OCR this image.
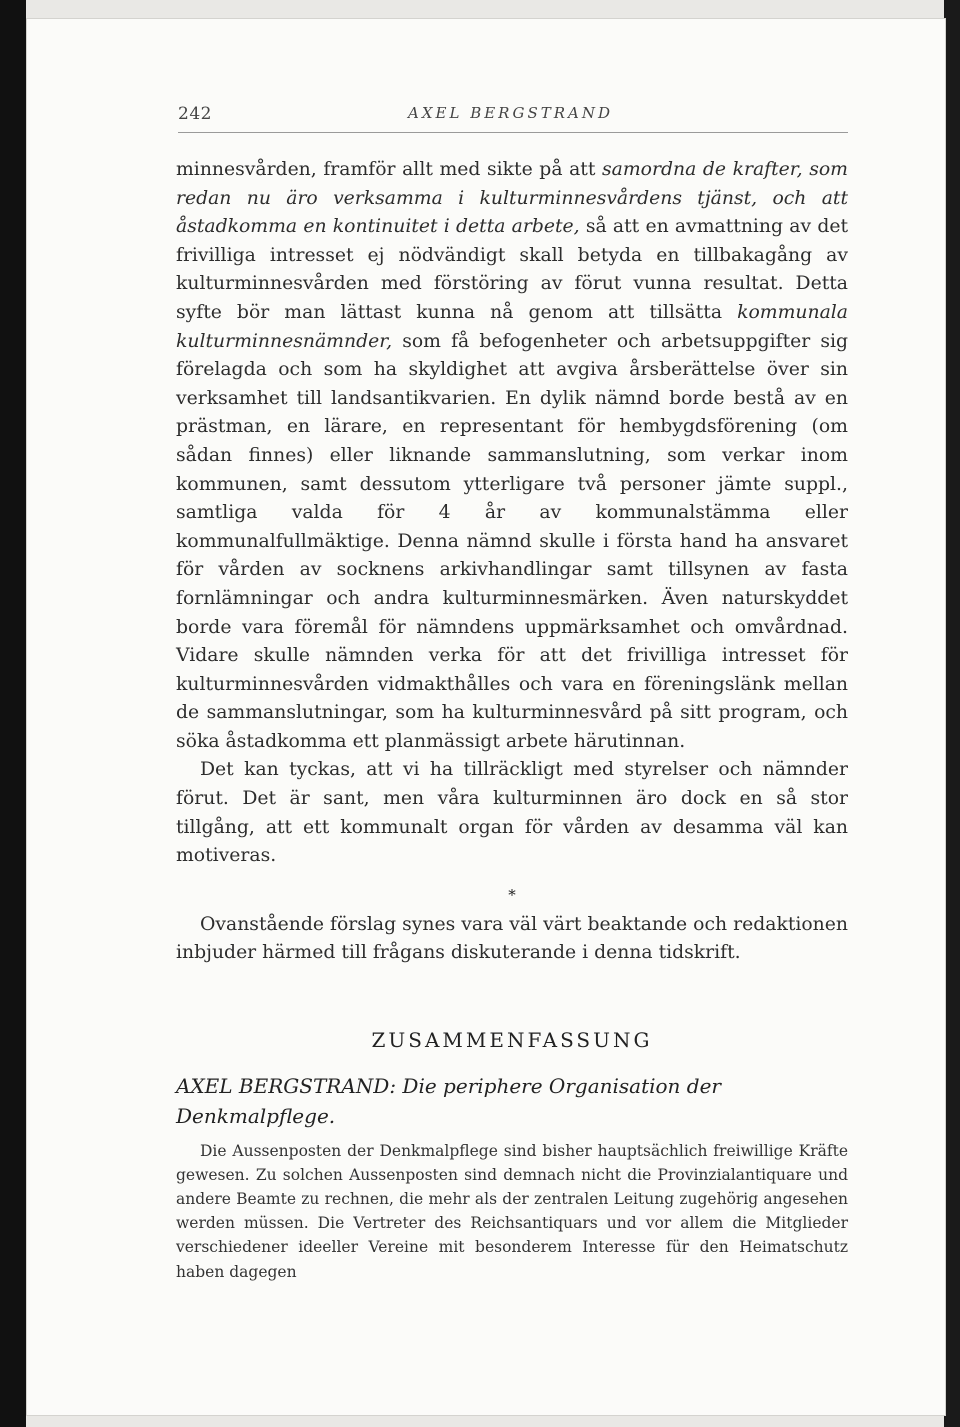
242	AXEL BERGSTRAND

minnesvården, framför allt med sikte på att samordna de krafter, som redan nu äro verksamma i kulturminnesvårdens tjänst, och att åstadkomma en kontinuitet i detta arbete, så att en avmattning av det frivilliga intresset ej nödvändigt skall betyda en tillbakagång av kulturminnesvården med förstöring av förut vunna resultat. Detta syfte bör man lättast kunna nå genom att tillsätta kommunala kulturminnesnämnder, som få befogenheter och arbetsuppgifter sig förelagda och som ha skyldighet att avgiva årsberättelse över sin verksamhet till landsantikvarien. En dylik nämnd borde bestå av en prästman, en lärare, en representant för hembygdsförening (om sådan finnes) eller liknande sammanslutning, som verkar inom kommunen, samt dessutom ytterligare två personer jämte suppl., samtliga valda för 4 år av kommunalstämma eller kommunalfullmäktige. Denna nämnd skulle i första hand ha ansvaret för vården av socknens arkivhandlingar samt tillsynen av fasta fornlämningar och andra kulturminnesmärken. Även naturskyddet borde vara föremål för nämndens uppmärksamhet och omvårdnad. Vidare skulle nämnden verka för att det frivilliga intresset för kulturminnesvården vidmakthålles och vara en föreningslänk mellan de sammanslutningar, som ha kulturminnesvård på sitt program, och söka åstadkomma ett planmässigt arbete härutinnan.

Det kan tyckas, att vi ha tillräckligt med styrelser och nämnder förut. Det är sant, men våra kulturminnen äro dock en så stor tillgång, att ett kommunalt organ för vården av desamma väl kan motiveras.

*

Ovanstående förslag synes vara väl värt beaktande och redaktionen inbjuder härmed till frågans diskuterande i denna tidskrift.

ZUSAMMENFASSUNG

AXEL BERGSTRAND: Die periphere Organisation der Denkmalpflege.

Die Aussenposten der Denkmalpflege sind bisher hauptsächlich freiwillige Kräfte gewesen. Zu solchen Aussenposten sind demnach nicht die Provinzialantiquare und andere Beamte zu rechnen, die mehr als der zentralen Leitung zugehörig angesehen werden müssen. Die Vertreter des Reichsantiquars und vor allem die Mitglieder verschiedener ideeller Vereine mit besonderem Interesse für den Heimatschutz haben dagegen
